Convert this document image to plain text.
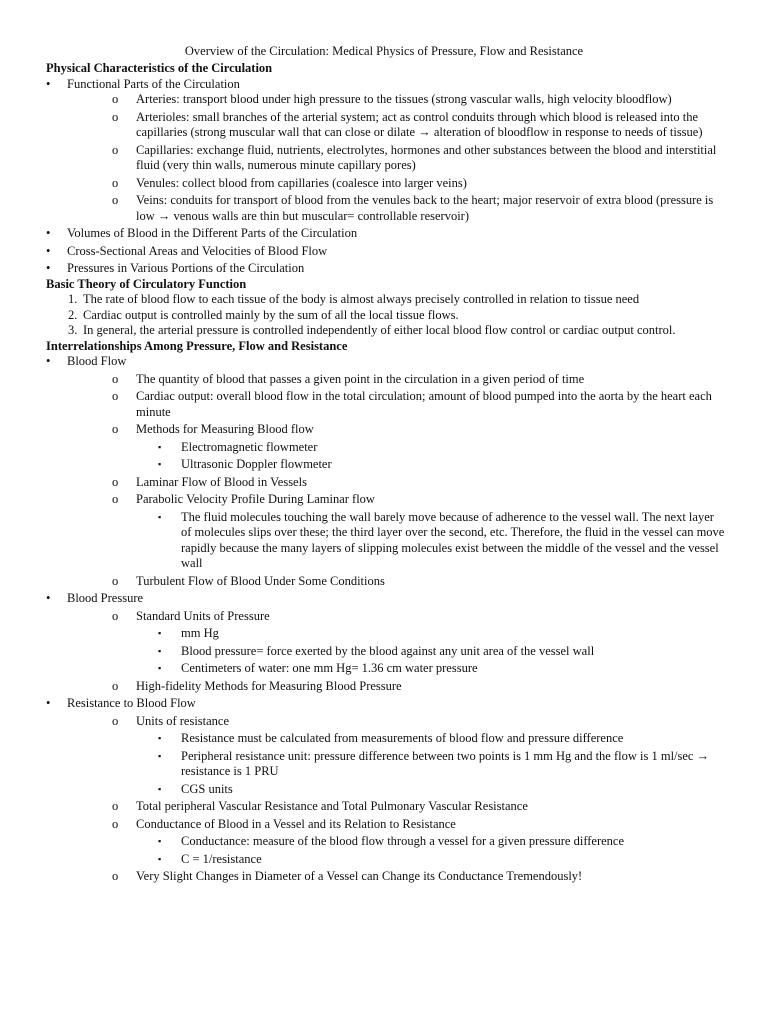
Overview of the Circulation: Medical Physics of Pressure, Flow and Resistance
Physical Characteristics of the Circulation
•
Functional Parts of the Circulation
o
Arteries: transport blood under high pressure to the tissues (strong vascular walls, high velocity bloodflow)
o
Arterioles: small branches of the arterial system; act as control conduits through which blood is released into the capillaries (strong muscular wall that can close or dilate → alteration of bloodflow in response to needs of tissue)
o
Capillaries: exchange fluid, nutrients, electrolytes, hormones and other substances between the blood and interstitial fluid (very thin walls, numerous minute capillary pores)
o
Venules: collect blood from capillaries (coalesce into larger veins)
o
Veins: conduits for transport of blood from the venules back to the heart; major reservoir of extra blood (pressure is low → venous walls are thin but muscular= controllable reservoir)
•
Volumes of Blood in the Different Parts of the Circulation
•
Cross-Sectional Areas and Velocities of Blood Flow
•
Pressures in Various Portions of the Circulation
Basic Theory of Circulatory Function
1. The rate of blood flow to each tissue of the body is almost always precisely controlled in relation to tissue need
2. Cardiac output is controlled mainly by the sum of all the local tissue flows.
3. In general, the arterial pressure is controlled independently of either local blood flow control or cardiac output control.
Interrelationships Among Pressure, Flow and Resistance
•
Blood Flow
o
The quantity of blood that passes a given point in the circulation in a given period of time
o
Cardiac output: overall blood flow in the total circulation; amount of blood pumped into the aorta by the heart each minute
o
Methods for Measuring Blood flow
▪
Electromagnetic flowmeter
▪
Ultrasonic Doppler flowmeter
o
Laminar Flow of Blood in Vessels
o
Parabolic Velocity Profile During Laminar flow
▪
The fluid molecules touching the wall barely move because of adherence to the vessel wall. The next layer of molecules slips over these; the third layer over the second, etc. Therefore, the fluid in the vessel can move rapidly because the many layers of slipping molecules exist between the middle of the vessel and the vessel wall
o
Turbulent Flow of Blood Under Some Conditions
•
Blood Pressure
o
Standard Units of Pressure
▪
mm Hg
▪
Blood pressure= force exerted by the blood against any unit area of the vessel wall
▪
Centimeters of water: one mm Hg= 1.36 cm water pressure
o
High-fidelity Methods for Measuring Blood Pressure
•
Resistance to Blood Flow
o
Units of resistance
▪
Resistance must be calculated from measurements of blood flow and pressure difference
▪
Peripheral resistance unit: pressure difference between two points is 1 mm Hg and the flow is 1 ml/sec → resistance is 1 PRU
▪
CGS units
o
Total peripheral Vascular Resistance and Total Pulmonary Vascular Resistance
o
Conductance of Blood in a Vessel and its Relation to Resistance
▪
Conductance: measure of the blood flow through a vessel for a given pressure difference
▪
C = 1/resistance
o
Very Slight Changes in Diameter of a Vessel can Change its Conductance Tremendously!
